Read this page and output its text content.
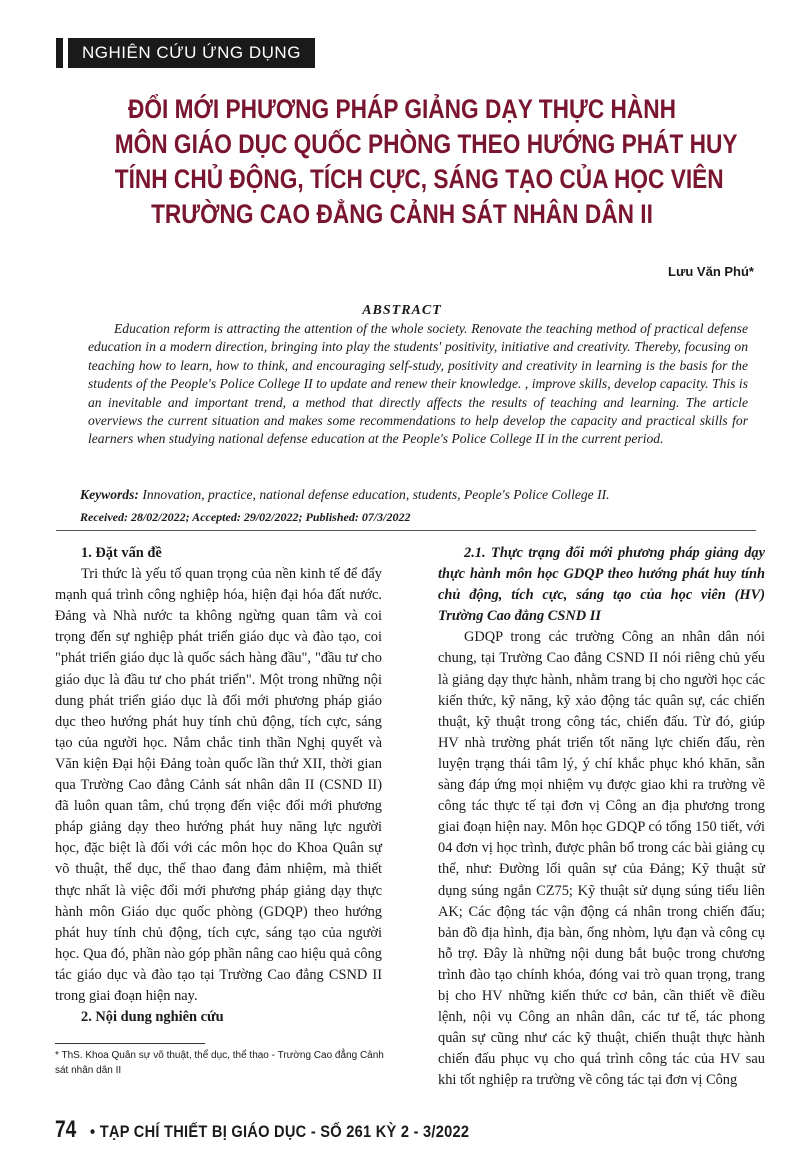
NGHIÊN CỨU ỨNG DỤNG
ĐỔI MỚI PHƯƠNG PHÁP GIẢNG DẠY THỰC HÀNH
MÔN GIÁO DỤC QUỐC PHÒNG THEO HƯỚNG PHÁT HUY
TÍNH CHỦ ĐỘNG, TÍCH CỰC, SÁNG TẠO CỦA HỌC VIÊN
TRƯỜNG CAO ĐẲNG CẢNH SÁT NHÂN DÂN II
Lưu Văn Phú*
ABSTRACT
Education reform is attracting the attention of the whole society. Renovate the teaching method of practical defense education in a modern direction, bringing into play the students' positivity, initiative and creativity. Thereby, focusing on teaching how to learn, how to think, and encouraging self-study, positivity and creativity in learning is the basis for the students of the People's Police College II to update and renew their knowledge. , improve skills, develop capacity. This is an inevitable and important trend, a method that directly affects the results of teaching and learning. The article overviews the current situation and makes some recommendations to help develop the capacity and practical skills for learners when studying national defense education at the People's Police College II in the current period.
Keywords: Innovation, practice, national defense education, students, People's Police College II.
Received: 28/02/2022; Accepted: 29/02/2022; Published: 07/3/2022

1. Đặt vấn đề

Tri thức là yếu tố quan trọng của nền kinh tế để đẩy mạnh quá trình công nghiệp hóa, hiện đại hóa đất nước. Đảng và Nhà nước ta không ngừng quan tâm và coi trọng đến sự nghiệp phát triển giáo dục và đào tạo, coi "phát triển giáo dục là quốc sách hàng đầu", "đầu tư cho giáo dục là đầu tư cho phát triển". Một trong những nội dung phát triển giáo dục là đổi mới phương pháp giáo dục theo hướng phát huy tính chủ động, tích cực, sáng tạo của người học. Nắm chắc tinh thần Nghị quyết và Văn kiện Đại hội Đảng toàn quốc lần thứ XII, thời gian qua Trường Cao đẳng Cảnh sát nhân dân II (CSND II) đã luôn quan tâm, chú trọng đến việc đổi mới phương pháp giảng dạy theo hướng phát huy năng lực người học, đặc biệt là đối với các môn học do Khoa Quân sự võ thuật, thể dục, thể thao đang đảm nhiệm, mà thiết thực nhất là việc đổi mới phương pháp giảng dạy thực hành môn Giáo dục quốc phòng (GDQP) theo hướng phát huy tính chủ động, tích cực, sáng tạo của người học. Qua đó, phần nào góp phần nâng cao hiệu quả công tác giáo dục và đào tạo tại Trường Cao đẳng CSND II trong giai đoạn hiện nay.

2. Nội dung nghiên cứu

2.1. Thực trạng đổi mới phương pháp giảng dạy thực hành môn học GDQP theo hướng phát huy tính chủ động, tích cực, sáng tạo của học viên (HV) Trường Cao đẳng CSND II

GDQP trong các trường Công an nhân dân nói chung, tại Trường Cao đẳng CSND II nói riêng chủ yếu là giảng dạy thực hành, nhằm trang bị cho người học các kiến thức, kỹ năng, kỹ xảo động tác quân sự, các chiến thuật, kỹ thuật trong công tác, chiến đấu. Từ đó, giúp HV nhà trường phát triển tốt năng lực chiến đấu, rèn luyện trạng thái tâm lý, ý chí khắc phục khó khăn, sẵn sàng đáp ứng mọi nhiệm vụ được giao khi ra trường về công tác thực tế tại đơn vị Công an địa phương trong giai đoạn hiện nay. Môn học GDQP có tổng 150 tiết, với 04 đơn vị học trình, được phân bổ trong các bài giảng cụ thể, như: Đường lối quân sự của Đảng; Kỹ thuật sử dụng súng ngắn CZ75; Kỹ thuật sử dụng súng tiểu liên AK; Các động tác vận động cá nhân trong chiến đấu; bản đồ địa hình, địa bàn, ống nhòm, lựu đạn và công cụ hỗ trợ. Đây là những nội dung bắt buộc trong chương trình đào tạo chính khóa, đóng vai trò quan trọng, trang bị cho HV những kiến thức cơ bản, cần thiết về điều lệnh, nội vụ Công an nhân dân, các tư tế, tác phong quân sự cũng như các kỹ thuật, chiến thuật thực hành chiến đấu phục vụ cho quá trình công tác của HV sau khi tốt nghiệp ra trường về công tác tại đơn vị Công

* ThS. Khoa Quân sự võ thuật, thể dục, thể thao - Trường Cao đẳng Cảnh sát nhân dân II
74 • TẠP CHÍ THIẾT BỊ GIÁO DỤC - SỐ 261 KỲ 2 - 3/2022
